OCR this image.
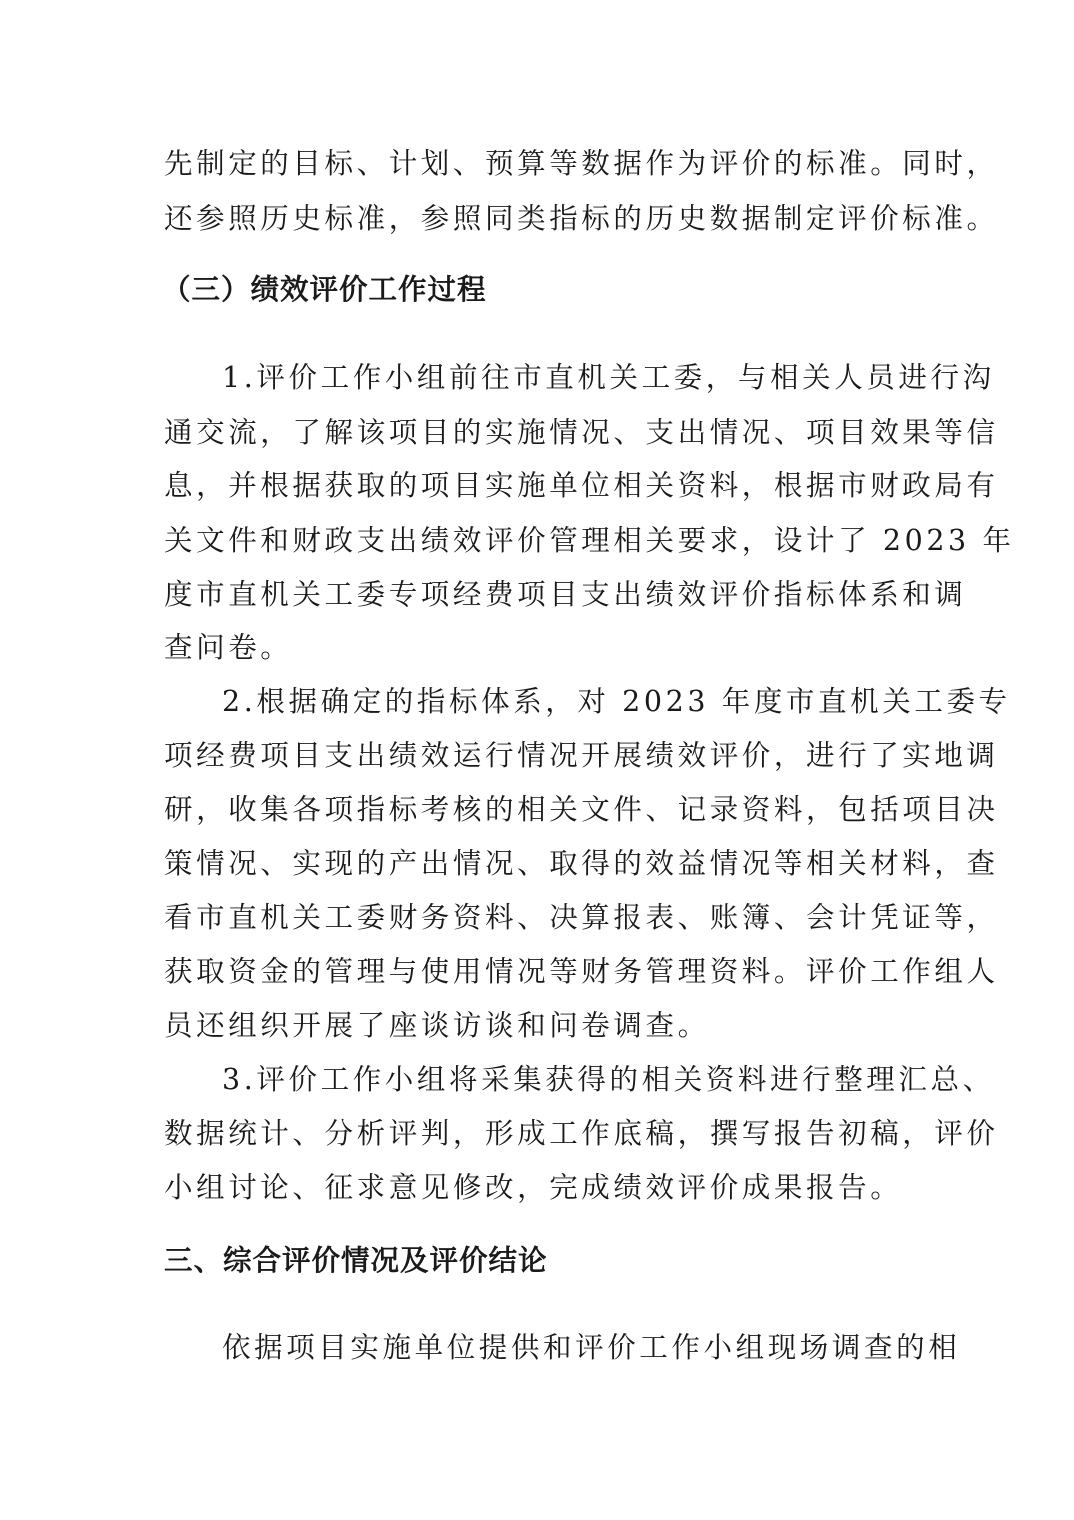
先制定的目标、计划、预算等数据作为评价的标准。同时，
还参照历史标准，参照同类指标的历史数据制定评价标准。
（三）绩效评价工作过程
1.评价工作小组前往市直机关工委，与相关人员进行沟
通交流，了解该项目的实施情况、支出情况、项目效果等信
息，并根据获取的项目实施单位相关资料，根据市财政局有
关文件和财政支出绩效评价管理相关要求，设计了 2023 年
度市直机关工委专项经费项目支出绩效评价指标体系和调
查问卷。
2.根据确定的指标体系，对 2023 年度市直机关工委专
项经费项目支出绩效运行情况开展绩效评价，进行了实地调
研，收集各项指标考核的相关文件、记录资料，包括项目决
策情况、实现的产出情况、取得的效益情况等相关材料，查
看市直机关工委财务资料、决算报表、账簿、会计凭证等，
获取资金的管理与使用情况等财务管理资料。评价工作组人
员还组织开展了座谈访谈和问卷调查。
3.评价工作小组将采集获得的相关资料进行整理汇总、
数据统计、分析评判，形成工作底稿，撰写报告初稿，评价
小组讨论、征求意见修改，完成绩效评价成果报告。
三、综合评价情况及评价结论
依据项目实施单位提供和评价工作小组现场调查的相
